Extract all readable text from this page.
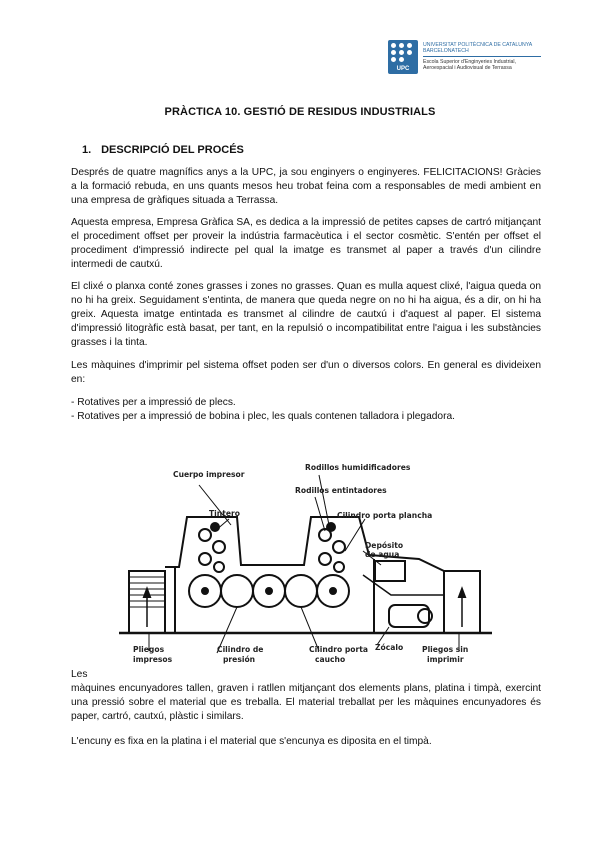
UPC
UNIVERSITAT POLITÈCNICA DE CATALUNYA
BARCELONATECH
Escola Superior d'Enginyeries Industrial,
Aeroespacial i Audiovisual de Terrassa
PRÀCTICA 10. GESTIÓ DE RESIDUS INDUSTRIALS
1. DESCRIPCIÓ DEL PROCÉS

Després de quatre magnífics anys a la UPC, ja sou enginyers o enginyeres. FELICITACIONS! Gràcies a la formació rebuda, en uns quants mesos heu trobat feina com a responsables de medi ambient en una empresa de gràfiques situada a Terrassa.

Aquesta empresa, Empresa Gràfica SA, es dedica a la impressió de petites capses de cartró mitjançant el procediment offset per proveir la indústria farmacèutica i el sector cosmètic. S'entén per offset el procediment d'impressió indirecte pel qual la imatge es transmet al paper a través d'un cilindre intermedi de cautxú.

El clixé o planxa conté zones grasses i zones no grasses. Quan es mulla aquest clixé, l'aigua queda on no hi ha greix. Seguidament s'entinta, de manera que queda negre on no hi ha aigua, és a dir, on hi ha greix. Aquesta imatge entintada es transmet al cilindre de cautxú i d'aquest al paper. El sistema d'impressió litogràfic està basat, per tant, en la repulsió o incompatibilitat entre l'aigua i les substàncies grasses i la tinta.

Les màquines d'imprimir pel sistema offset poden ser d'un o diversos colors. En general es divideixen en:

- Rotatives per a impressió de plecs.
- Rotatives per a impressió de bobina i plec, les quals contenen talladora i plegadora.
Cuerpo impresor
Rodillos humidificadores
Rodillos entintadores
Tintero	Cilindro porta plancha
Depósito
de agua
Pliegos
impresos
Cilindro de
presión
Cilindro porta
caucho
Zócalo Pliegos sin
imprimir

Les
màquines encunyadores tallen, graven i ratllen mitjançant dos elements plans, platina i timpà, exercint una pressió sobre el material que es treballa. El material treballat per les màquines encunyadores és paper, cartró, cautxú, plàstic i similars.

L'encuny es fixa en la platina i el material que s'encunya es diposita en el timpà.
